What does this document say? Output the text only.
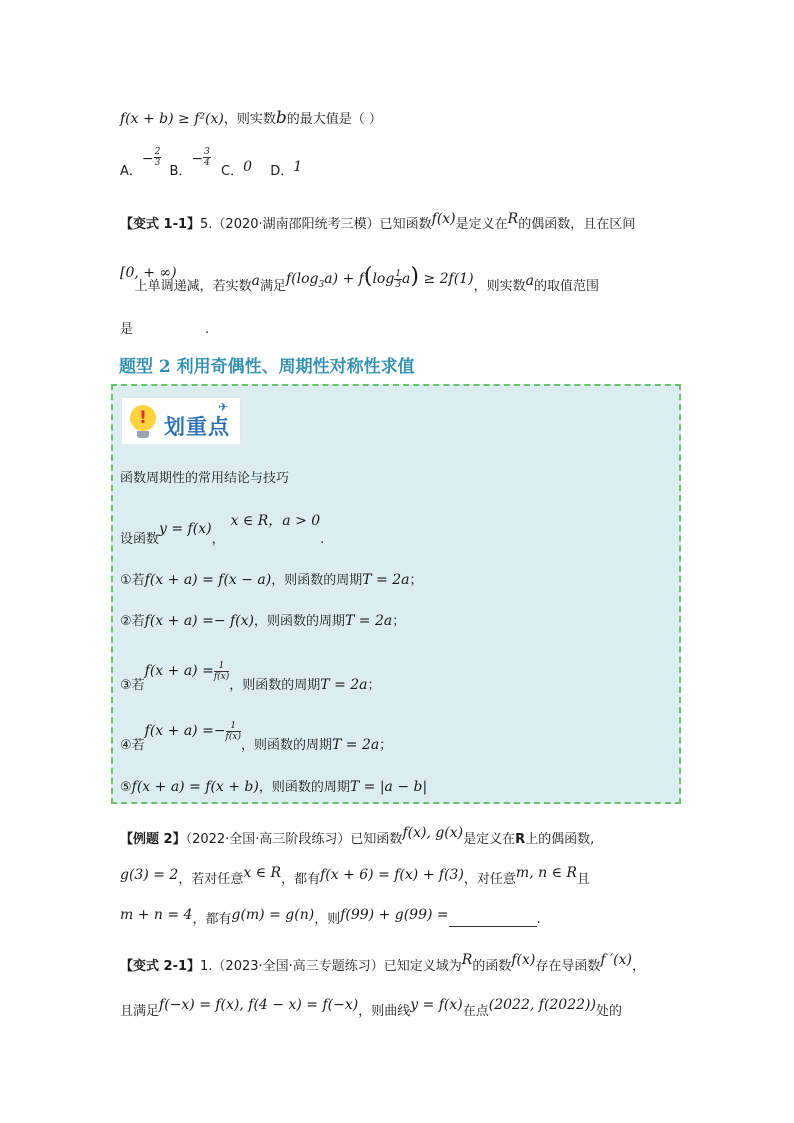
f(x + b) ≥ f²(x)，则实数b的最大值是（ ）
A．− $\frac{2}{3}$
B．− $\frac{3}{4}$
C．0 D．1
【变式 1-1】5.（2020·湖南邵阳统考三模）已知函数f(x)是定义在R的偶函数，且在区间
[0, + ∞)上单调递减，若实数a满足$f(\log_3a) + f(\log \frac{1}{3} a) \ge 2f(1)$，则实数a的取值范围
是	.
题型 2 利用奇偶性、周期性对称性求值
! 划重点
✈
函数周期性的常用结论与技巧
设函数y = f(x)，x ∈ R，a > 0.
①若f(x + a) = f(x − a)，则函数的周期T = 2a；
②若f(x + a) =− f(x)，则函数的周期T = 2a；
③若$f(x + a) = \frac{1}{f(x)}$
，则函数的周期T = 2a；
④若$f(x + a) =- \frac{1}{f(x)}$
，则函数的周期T = 2a；
⑤f(x + a) = f(x + b)，则函数的周期T = |a − b|
【例题 2】（2022·全国·高三阶段练习）已知函数f(x), g(x)是定义在R上的偶函数,
g(3) = 2，若对任意x ∈ R，都有f(x + 6) = f(x) + f(3)，对任意m, n ∈ R且
m + n = 4，都有g(m) = g(n)，则f(99) + g(99) =	.
【变式 2-1】1.（2023·全国·高三专题练习）已知定义域为R的函数f(x)存在导函数f ′(x)，
且满足f(−x) = f(x), f(4 − x) = f(−x)，则曲线y = f(x)在点(2022, f(2022))处的
